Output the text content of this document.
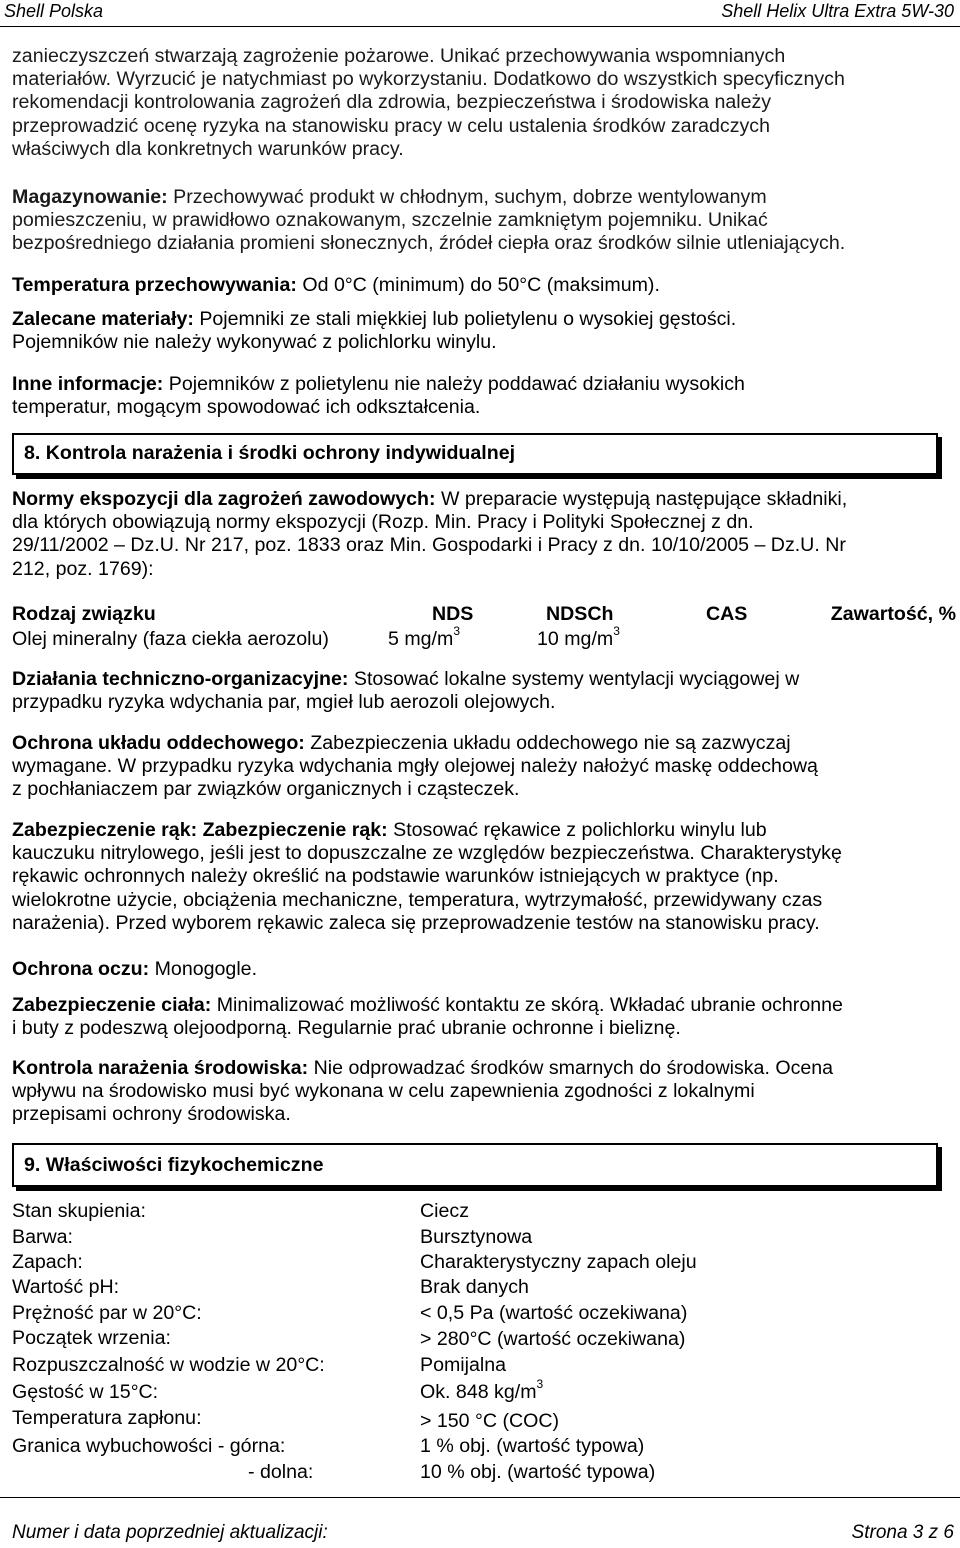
Shell Polska	Shell Helix Ultra Extra 5W-30
zanieczyszczeń stwarzają zagrożenie pożarowe. Unikać przechowywania wspomnianych
materiałów. Wyrzucić je natychmiast po wykorzystaniu. Dodatkowo do wszystkich specyficznych
rekomendacji kontrolowania zagrożeń dla zdrowia, bezpieczeństwa i środowiska należy
przeprowadzić ocenę ryzyka na stanowisku pracy w celu ustalenia środków zaradczych
właściwych dla konkretnych warunków pracy.
Magazynowanie: Przechowywać produkt w chłodnym, suchym, dobrze wentylowanym
pomieszczeniu, w prawidłowo oznakowanym, szczelnie zamkniętym pojemniku. Unikać
bezpośredniego działania promieni słonecznych, źródeł ciepła oraz środków silnie utleniających.
Temperatura przechowywania: Od 0°C (minimum) do 50°C (maksimum).
Zalecane materiały: Pojemniki ze stali miękkiej lub polietylenu o wysokiej gęstości.
Pojemników nie należy wykonywać z polichlorku winylu.
Inne informacje: Pojemników z polietylenu nie należy poddawać działaniu wysokich
temperatur, mogącym spowodować ich odkształcenia.
8. Kontrola narażenia i środki ochrony indywidualnej
Normy ekspozycji dla zagrożeń zawodowych: W preparacie występują następujące składniki,
dla których obowiązują normy ekspozycji (Rozp. Min. Pracy i Polityki Społecznej z dn.
29/11/2002 – Dz.U. Nr 217, poz. 1833 oraz Min. Gospodarki i Pracy z dn. 10/10/2005 – Dz.U. Nr
212, poz. 1769):
Rodzaj związku	NDS	NDSCh	CAS	Zawartość, %
Olej mineralny (faza ciekła aerozolu)	5 $mg/m^3$	10 $mg/m^3$
Działania techniczno-organizacyjne: Stosować lokalne systemy wentylacji wyciągowej w
przypadku ryzyka wdychania par, mgieł lub aerozoli olejowych.
Ochrona układu oddechowego: Zabezpieczenia układu oddechowego nie są zazwyczaj
wymagane. W przypadku ryzyka wdychania mgły olejowej należy nałożyć maskę oddechową
z pochłaniaczem par związków organicznych i cząsteczek.
Zabezpieczenie rąk: Zabezpieczenie rąk: Stosować rękawice z polichlorku winylu lub
kauczuku nitrylowego, jeśli jest to dopuszczalne ze względów bezpieczeństwa. Charakterystykę
rękawic ochronnych należy określić na podstawie warunków istniejących w praktyce (np.
wielokrotne użycie, obciążenia mechaniczne, temperatura, wytrzymałość, przewidywany czas
narażenia). Przed wyborem rękawic zaleca się przeprowadzenie testów na stanowisku pracy.
Ochrona oczu: Monogogle.
Zabezpieczenie ciała: Minimalizować możliwość kontaktu ze skórą. Wkładać ubranie ochronne
i buty z podeszwą olejoodporną. Regularnie prać ubranie ochronne i bieliznę.
Kontrola narażenia środowiska: Nie odprowadzać środków smarnych do środowiska. Ocena
wpływu na środowisko musi być wykonana w celu zapewnienia zgodności z lokalnymi
przepisami ochrony środowiska.
9. Właściwości fizykochemiczne
Stan skupienia:	Ciecz
Barwa:	Bursztynowa
Zapach:	Charakterystyczny zapach oleju
Wartość pH:	Brak danych
Prężność par w 20°C:	< 0,5 Pa (wartość oczekiwana)
Początek wrzenia:	> 280°C (wartość oczekiwana)
Rozpuszczalność w wodzie w 20°C:	Pomijalna
Gęstość w 15°C:	Ok. 848 $kg/m^3$
Temperatura zapłonu:	> 150 °C (COC)
Granica wybuchowości - górna:	1 % obj. (wartość typowa)
- dolna:	10 % obj. (wartość typowa)
Numer i data poprzedniej aktualizacji:	Strona 3 z 6
